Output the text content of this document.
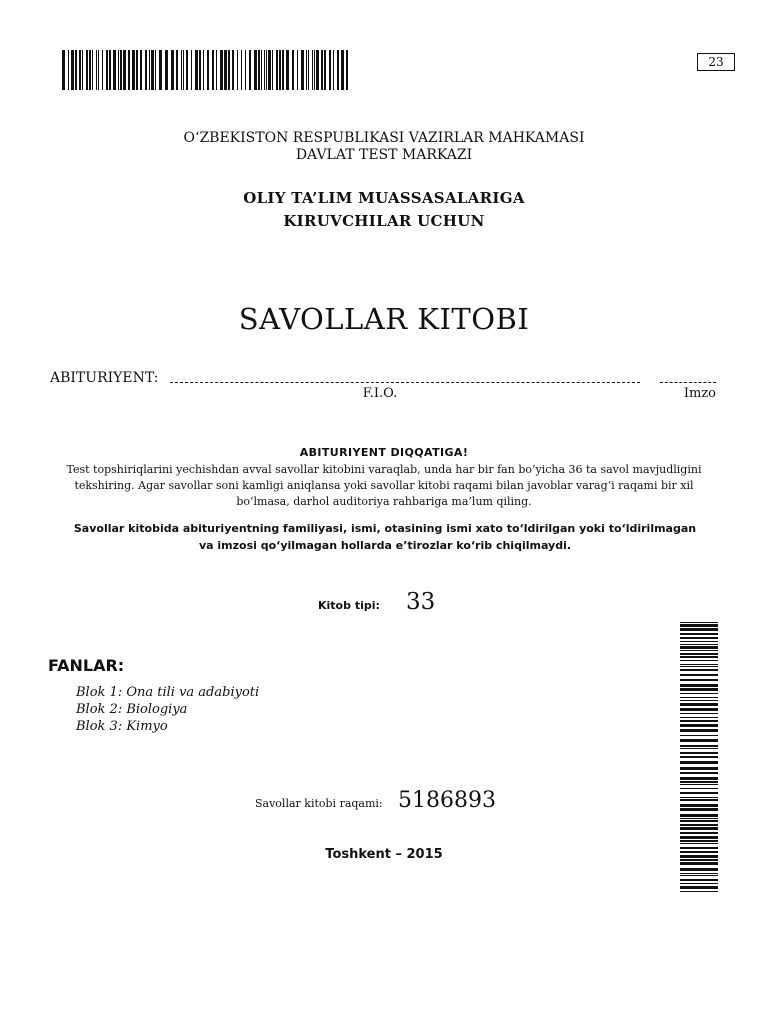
23
O‘ZBEKISTON RESPUBLIKASI VAZIRLAR MAHKAMASI
DAVLAT TEST MARKAZI
OLIY TA’LIM MUASSASALARIGA
KIRUVCHILAR UCHUN
SAVOLLAR KITOBI
ABITURIYENT:
F.I.O.	Imzo
ABITURIYENT DIQQATIGA!
Test topshiriqlarini yechishdan avval savollar kitobini varaqlab, unda har bir fan bo‘yicha 36 ta savol mavjudligini tekshiring. Agar savollar soni kamligi aniqlansa yoki savollar kitobi raqami bilan javoblar varag‘i raqami bir xil bo‘lmasa, darhol auditoriya rahbariga ma’lum qiling.
Savollar kitobida abituriyentning familiyasi, ismi, otasining ismi xato to‘ldirilgan yoki to‘ldirilmagan va imzosi qo‘yilmagan hollarda e’tirozlar ko‘rib chiqilmaydi.
Kitob tipi: 33
FANLAR:
Blok 1: Ona tili va adabiyoti
Blok 2: Biologiya
Blok 3: Kimyo
Savollar kitobi raqami: 5186893
Toshkent – 2015
